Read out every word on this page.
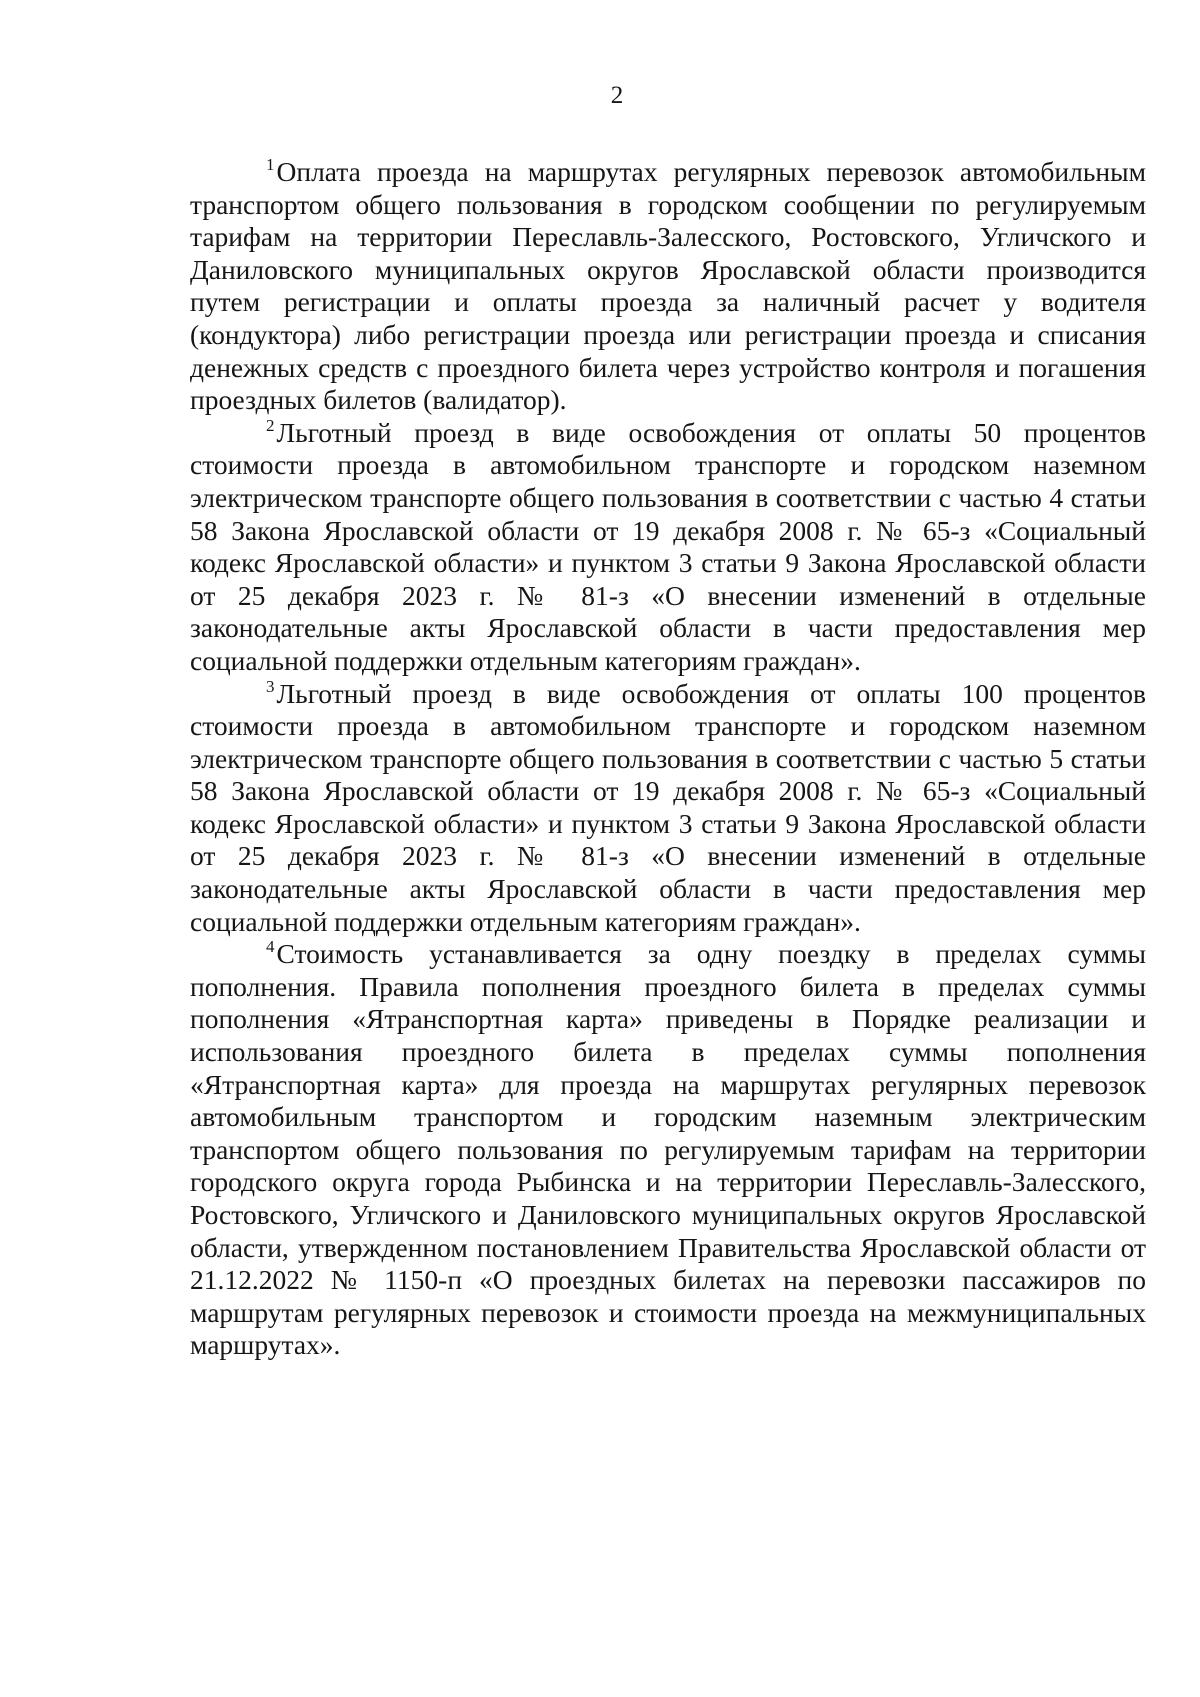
2

$^1$Оплата проезда на маршрутах регулярных перевозок автомобильным транспортом общего пользования в городском сообщении по регулируемым тарифам на территории Переславль-Залесского, Ростовского, Угличского и Даниловского муниципальных округов Ярославской области производится путем регистрации и оплаты проезда за наличный расчет у водителя (кондуктора) либо регистрации проезда или регистрации проезда и списания денежных средств с проездного билета через устройство контроля и погашения проездных билетов (валидатор).

$^2$Льготный проезд в виде освобождения от оплаты 50 процентов стоимости проезда в автомобильном транспорте и городском наземном электрическом транспорте общего пользования в соответствии с частью 4 статьи 58 Закона Ярославской области от 19 декабря 2008 г. № 65-з «Социальный кодекс Ярославской области» и пунктом 3 статьи 9 Закона Ярославской области от 25 декабря 2023 г. № 81-з «О внесении изменений в отдельные законодательные акты Ярославской области в части предоставления мер социальной поддержки отдельным категориям граждан».

$^3$Льготный проезд в виде освобождения от оплаты 100 процентов стоимости проезда в автомобильном транспорте и городском наземном электрическом транспорте общего пользования в соответствии с частью 5 статьи 58 Закона Ярославской области от 19 декабря 2008 г. № 65-з «Социальный кодекс Ярославской области» и пунктом 3 статьи 9 Закона Ярославской области от 25 декабря 2023 г. № 81-з «О внесении изменений в отдельные законодательные акты Ярославской области в части предоставления мер социальной поддержки отдельным категориям граждан».

$^4$Стоимость устанавливается за одну поездку в пределах суммы пополнения. Правила пополнения проездного билета в пределах суммы пополнения «Ятранспортная карта» приведены в Порядке реализации и использования проездного билета в пределах суммы пополнения «Ятранспортная карта» для проезда на маршрутах регулярных перевозок автомобильным транспортом и городским наземным электрическим транспортом общего пользования по регулируемым тарифам на территории городского округа города Рыбинска и на территории Переславль-Залесского, Ростовского, Угличского и Даниловского муниципальных округов Ярославской области, утвержденном постановлением Правительства Ярославской области от 21.12.2022 № 1150-п «О проездных билетах на перевозки пассажиров по маршрутам регулярных перевозок и стоимости проезда на межмуниципальных маршрутах».
